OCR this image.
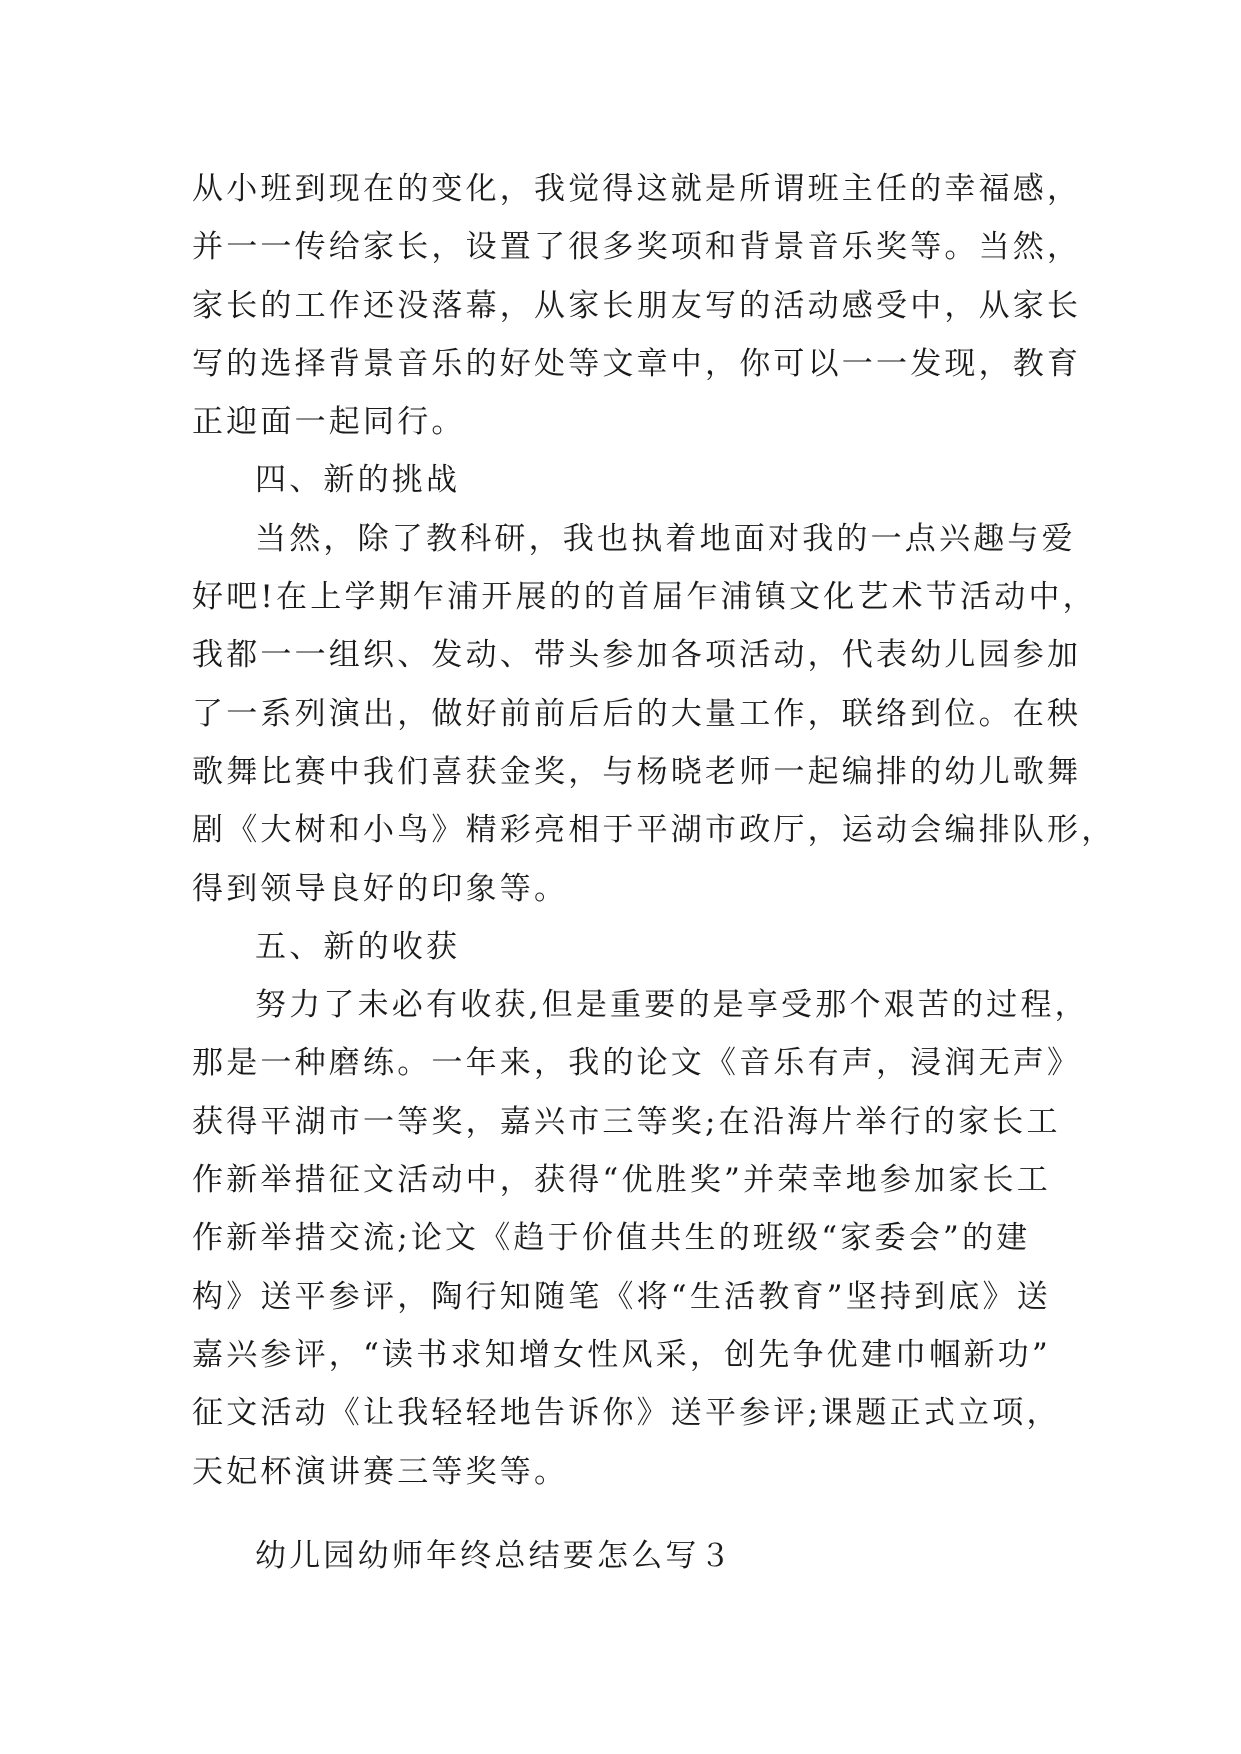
从小班到现在的变化，我觉得这就是所谓班主任的幸福感，
并一一传给家长，设置了很多奖项和背景音乐奖等。当然，
家长的工作还没落幕，从家长朋友写的活动感受中，从家长
写的选择背景音乐的好处等文章中，你可以一一发现，教育
正迎面一起同行。
四、新的挑战
当然，除了教科研，我也执着地面对我的一点兴趣与爱
好吧!在上学期乍浦开展的的首届乍浦镇文化艺术节活动中，
我都一一组织、发动、带头参加各项活动，代表幼儿园参加
了一系列演出，做好前前后后的大量工作，联络到位。在秧
歌舞比赛中我们喜获金奖，与杨晓老师一起编排的幼儿歌舞
剧《大树和小鸟》精彩亮相于平湖市政厅，运动会编排队形，
得到领导良好的印象等。
五、新的收获
努力了未必有收获,但是重要的是享受那个艰苦的过程，
那是一种磨练。一年来，我的论文《音乐有声，浸润无声》
获得平湖市一等奖，嘉兴市三等奖;在沿海片举行的家长工
作新举措征文活动中，获得“优胜奖”并荣幸地参加家长工
作新举措交流;论文《趋于价值共生的班级“家委会”的建
构》送平参评，陶行知随笔《将“生活教育”坚持到底》送
嘉兴参评，“读书求知增女性风采，创先争优建巾帼新功”
征文活动《让我轻轻地告诉你》送平参评;课题正式立项，
天妃杯演讲赛三等奖等。
幼儿园幼师年终总结要怎么写３
